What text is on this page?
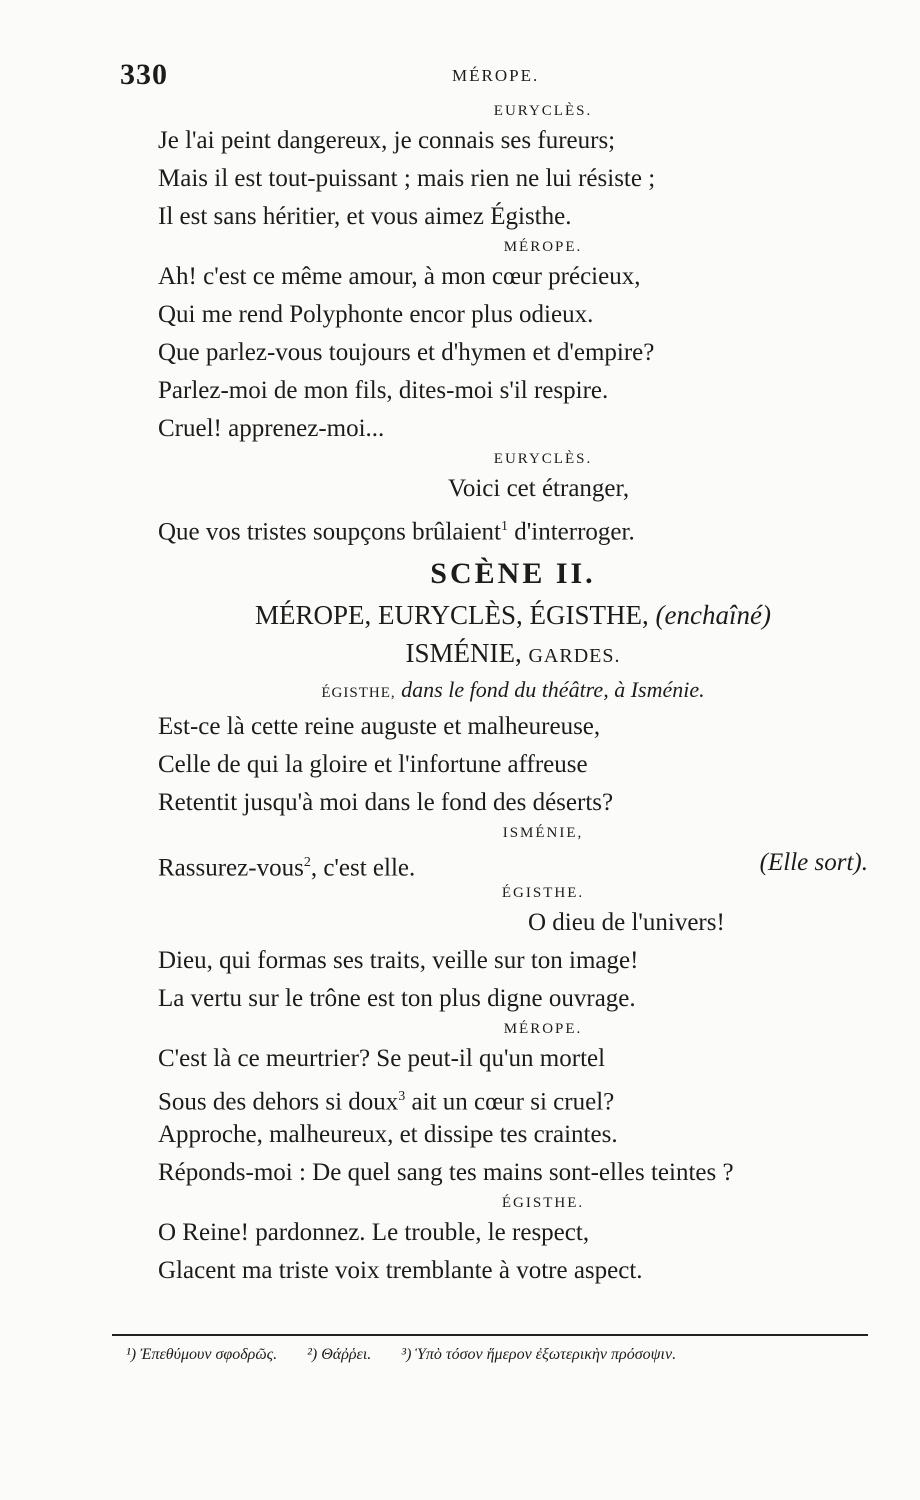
330	MÉROPE.
EURYCLÈS.
Je l'ai peint dangereux, je connais ses fureurs;
Mais il est tout-puissant ; mais rien ne lui résiste ;
Il est sans héritier, et vous aimez Égisthe.
MÉROPE.
Ah! c'est ce même amour, à mon cœur précieux,
Qui me rend Polyphonte encor plus odieux.
Que parlez-vous toujours et d'hymen et d'empire?
Parlez-moi de mon fils, dites-moi s'il respire.
Cruel! apprenez-moi...
EURYCLÈS.
Voici cet étranger,
Que vos tristes soupçons brûlaient$^1$ d'interroger.
SCÈNE II.
MÉROPE, EURYCLÈS, ÉGISTHE, (enchaîné)
ISMÉNIE, GARDES.
ÉGISTHE, dans le fond du théâtre, à Isménie.
Est-ce là cette reine auguste et malheureuse,
Celle de qui la gloire et l'infortune affreuse
Retentit jusqu'à moi dans le fond des déserts?
ISMÉNIE,
Rassurez-vous$^2$, c'est elle.	(Elle sort).
ÉGISTHE.
O dieu de l'univers!
Dieu, qui formas ses traits, veille sur ton image!
La vertu sur le trône est ton plus digne ouvrage.
MÉROPE.
C'est là ce meurtrier? Se peut-il qu'un mortel
Sous des dehors si doux$^3$ ait un cœur si cruel?
Approche, malheureux, et dissipe tes craintes.
Réponds-moi : De quel sang tes mains sont-elles teintes ?
ÉGISTHE.
O Reine! pardonnez. Le trouble, le respect,
Glacent ma triste voix tremblante à votre aspect.
¹) Ἐπεθύμουν σφοδρῶς. ²) Θάῤῥει. ³) Ὑπὸ τόσον ἥμερον ἐξωτερικὴν πρόσοψιν.
